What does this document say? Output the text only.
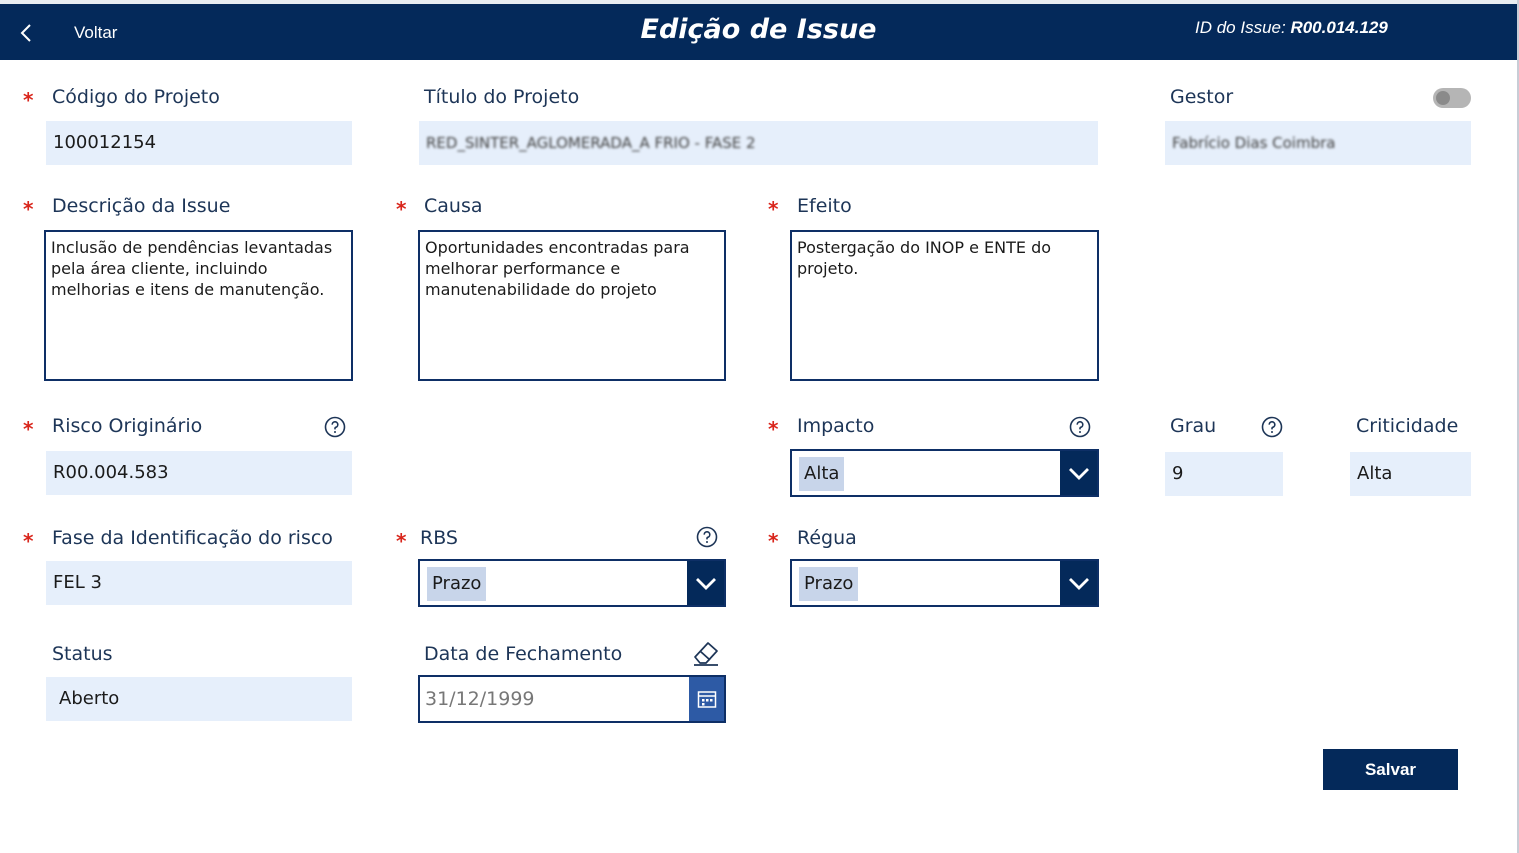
Voltar	Edição de Issue	ID do Issue: R00.014.129
* Código do Projeto
100012154
Título do Projeto
RED_SINTER_AGLOMERADA_A FRIO - FASE 2
Gestor
Fabrício Dias Coimbra
* Descrição da Issue
Inclusão de pendências levantadas pela área cliente, incluindo melhorias e itens de manutenção.
* Causa
Oportunidades encontradas para melhorar performance e manutenabilidade do projeto
* Efeito
Postergação do INOP e ENTE do projeto.
* Risco Originário
R00.004.583
* Impacto
Alta
Grau
9
Criticidade
Alta
* Fase da Identificação do risco
FEL 3
* RBS
Prazo
* Régua
Prazo
Status
Aberto
Data de Fechamento
31/12/1999
Salvar
